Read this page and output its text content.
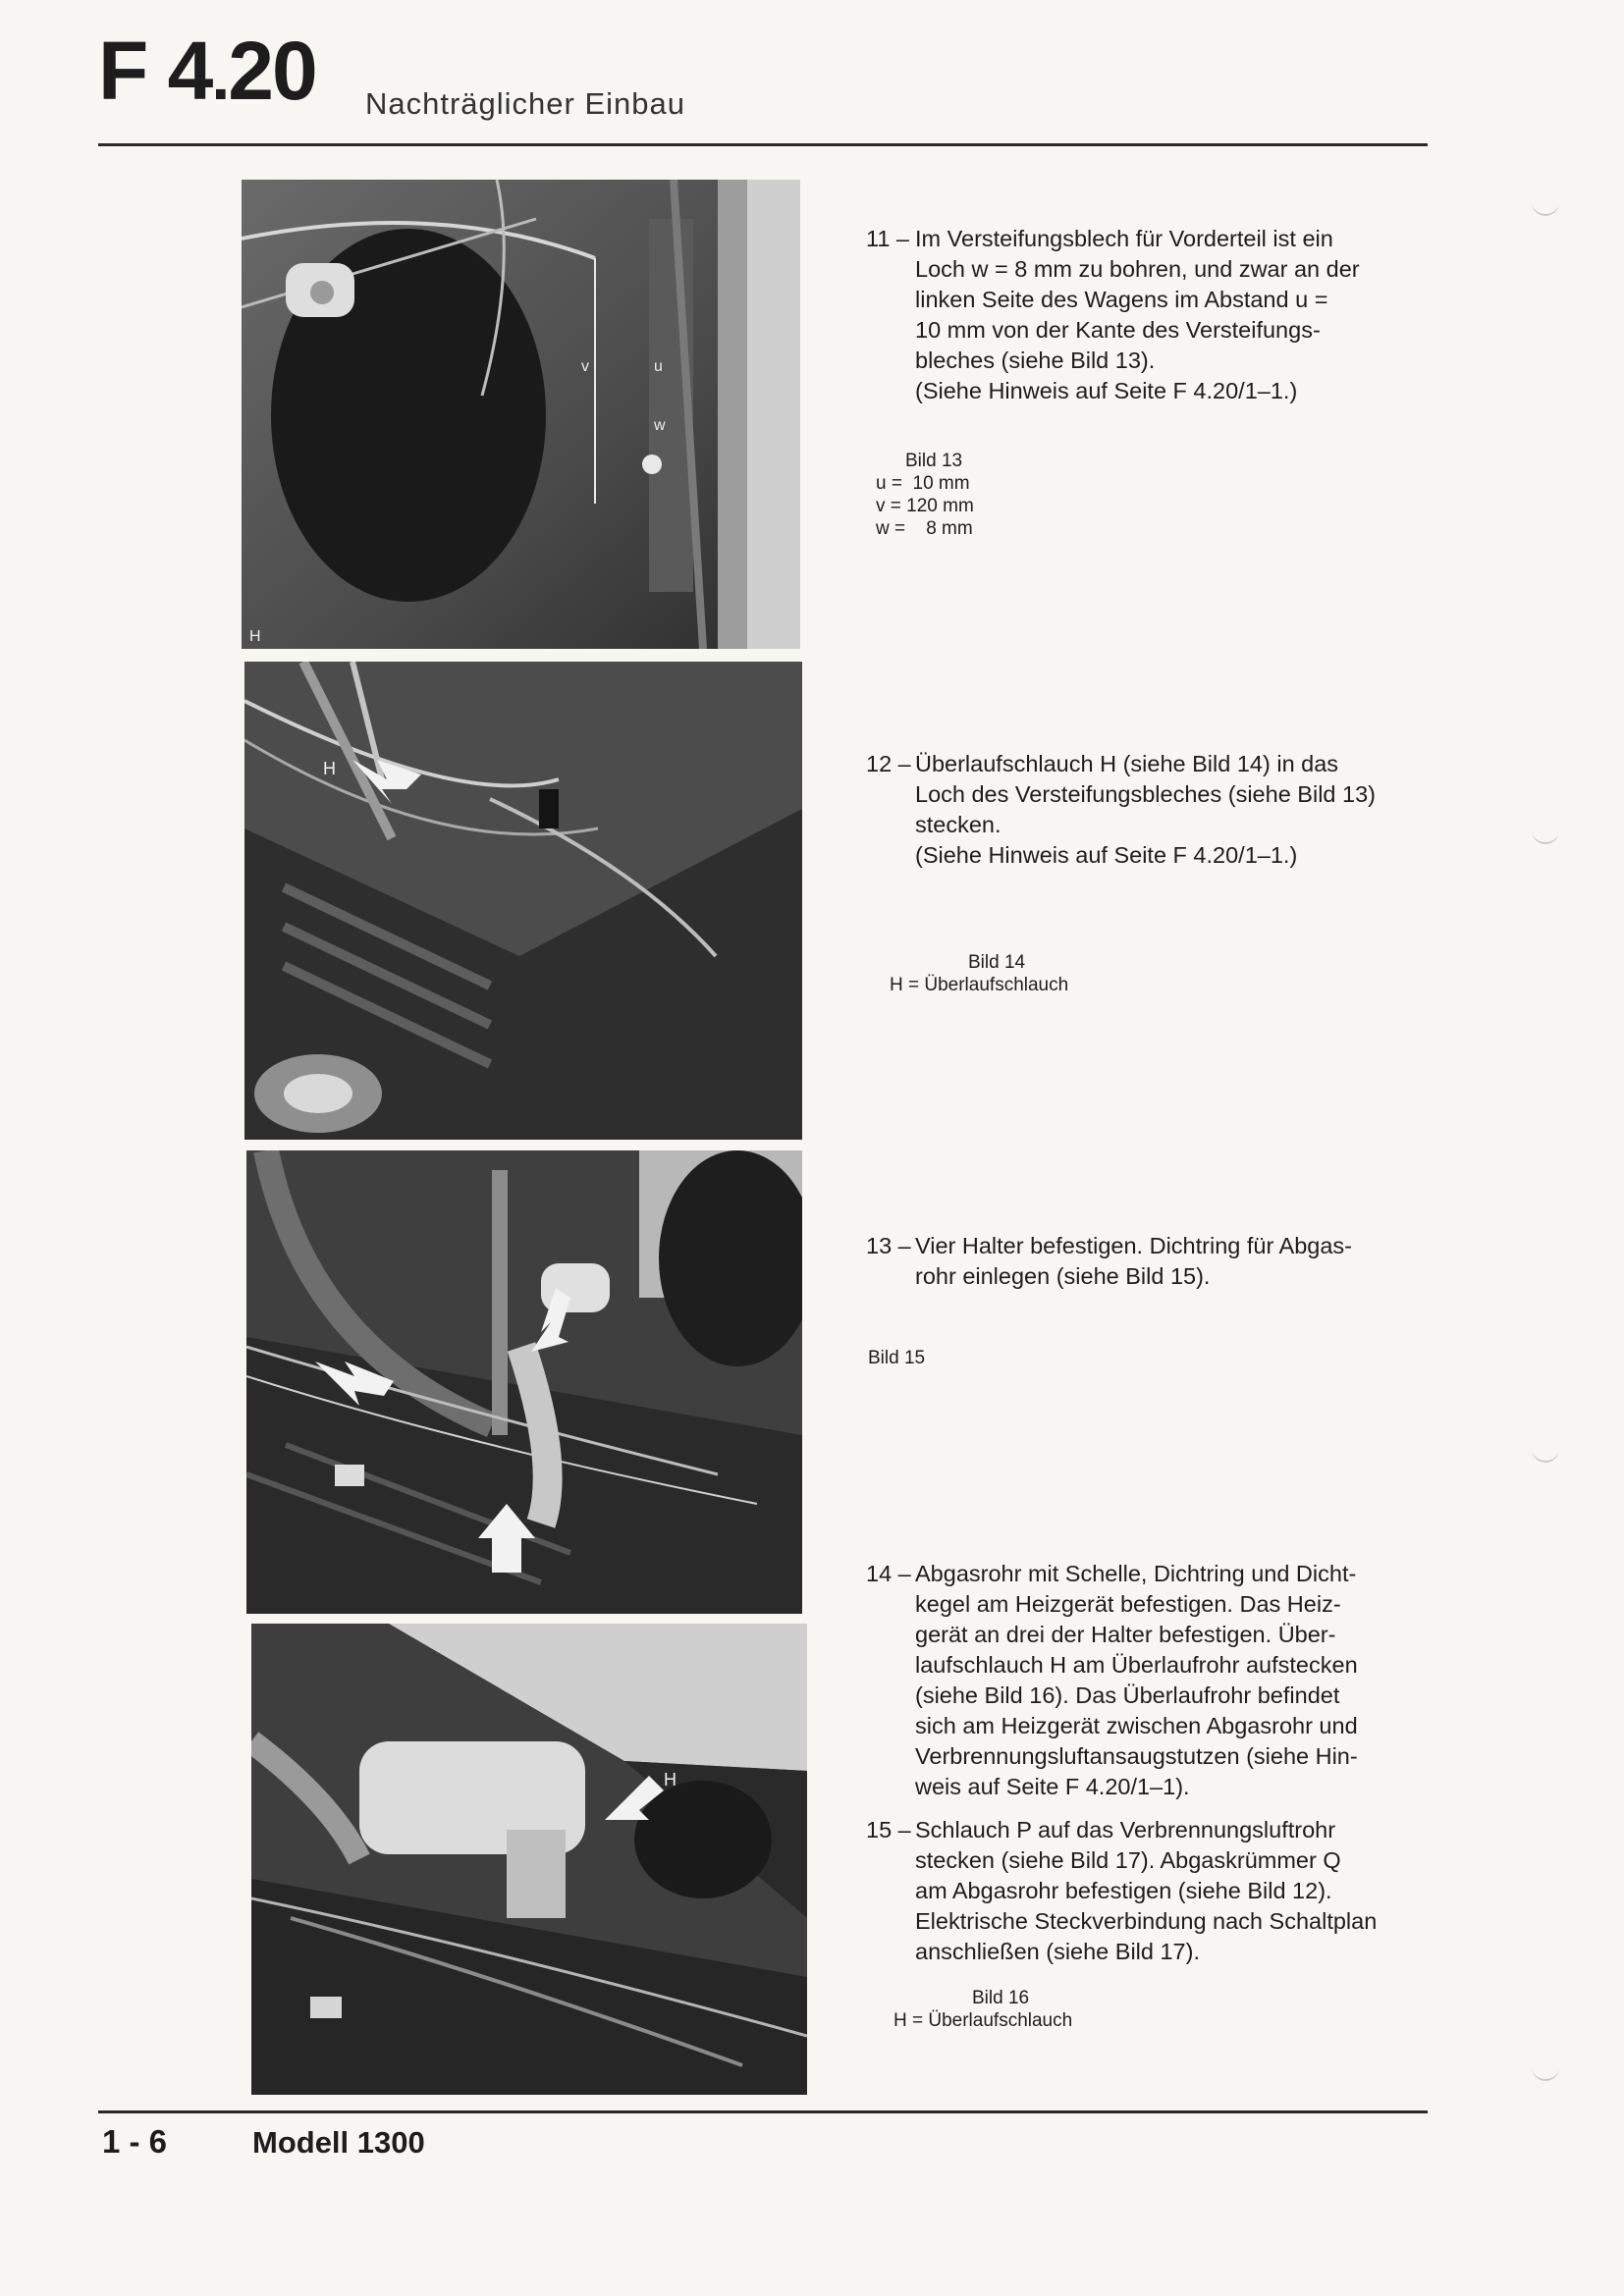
F 4.20 Nachträglicher Einbau
v	u
w
H
H
H
11 – Im Versteifungsblech für Vorderteil ist ein
Loch w = 8 mm zu bohren, und zwar an der
linken Seite des Wagens im Abstand u =
10 mm von der Kante des Versteifungs-
bleches (siehe Bild 13).
(Siehe Hinweis auf Seite F 4.20/1–1.)
Bild 13
u =  10 mm
v = 120 mm
w =    8 mm
12 – Überlaufschlauch H (siehe Bild 14) in das
Loch des Versteifungsbleches (siehe Bild 13)
stecken.
(Siehe Hinweis auf Seite F 4.20/1–1.)
Bild 14
H = Überlaufschlauch
13 – Vier Halter befestigen. Dichtring für Abgas-
rohr einlegen (siehe Bild 15).
Bild 15
14 – Abgasrohr mit Schelle, Dichtring und Dicht-
kegel am Heizgerät befestigen. Das Heiz-
gerät an drei der Halter befestigen. Über-
laufschlauch H am Überlaufrohr aufstecken
(siehe Bild 16). Das Überlaufrohr befindet
sich am Heizgerät zwischen Abgasrohr und
Verbrennungsluftansaugstutzen (siehe Hin-
weis auf Seite F 4.20/1–1).
15 – Schlauch P auf das Verbrennungsluftrohr
stecken (siehe Bild 17). Abgaskrümmer Q
am Abgasrohr befestigen (siehe Bild 12).
Elektrische Steckverbindung nach Schaltplan
anschließen (siehe Bild 17).
Bild 16
H = Überlaufschlauch
1 - 6	Modell 1300
